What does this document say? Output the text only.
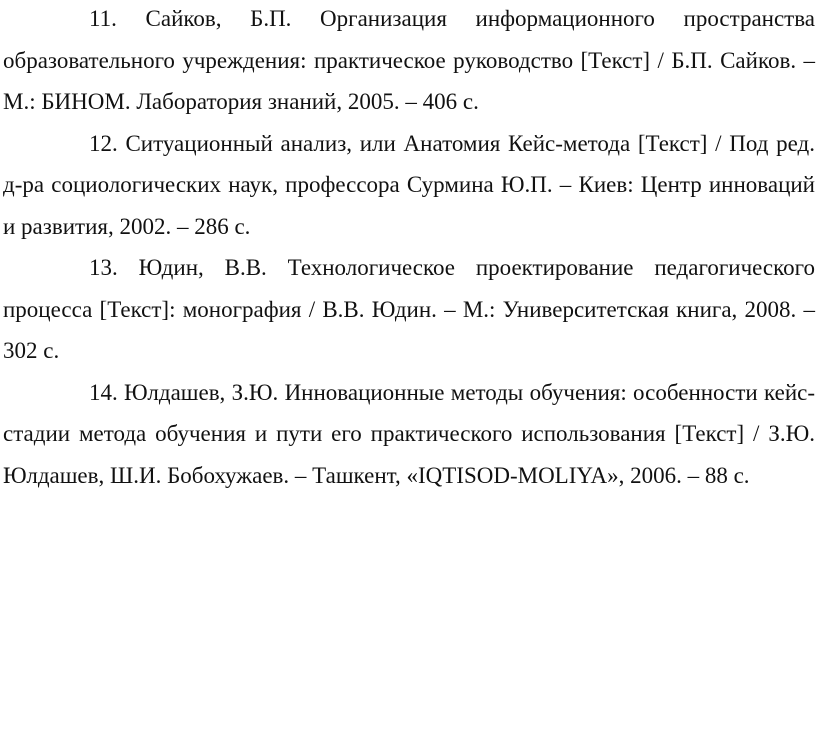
11. Сайков, Б.П. Организация информационного пространства образовательного учреждения: практическое руководство [Текст] / Б.П. Сайков. – М.: БИНОМ. Лаборатория знаний, 2005. – 406 с.

12. Ситуационный анализ, или Анатомия Кейс-метода [Текст] / Под ред. д-ра социологических наук, профессора Сурмина Ю.П. – Киев: Центр инноваций и развития, 2002. – 286 с.

13. Юдин, В.В. Технологическое проектирование педагогического процесса [Текст]: монография / В.В. Юдин. – М.: Университетская книга, 2008. – 302 с.

14. Юлдашев, З.Ю. Инновационные методы обучения: особенности кейс-стадии метода обучения и пути его практического использования [Текст] / З.Ю. Юлдашев, Ш.И. Бобохужаев. – Ташкент, «IQTISOD-MOLIYA», 2006. – 88 с.
